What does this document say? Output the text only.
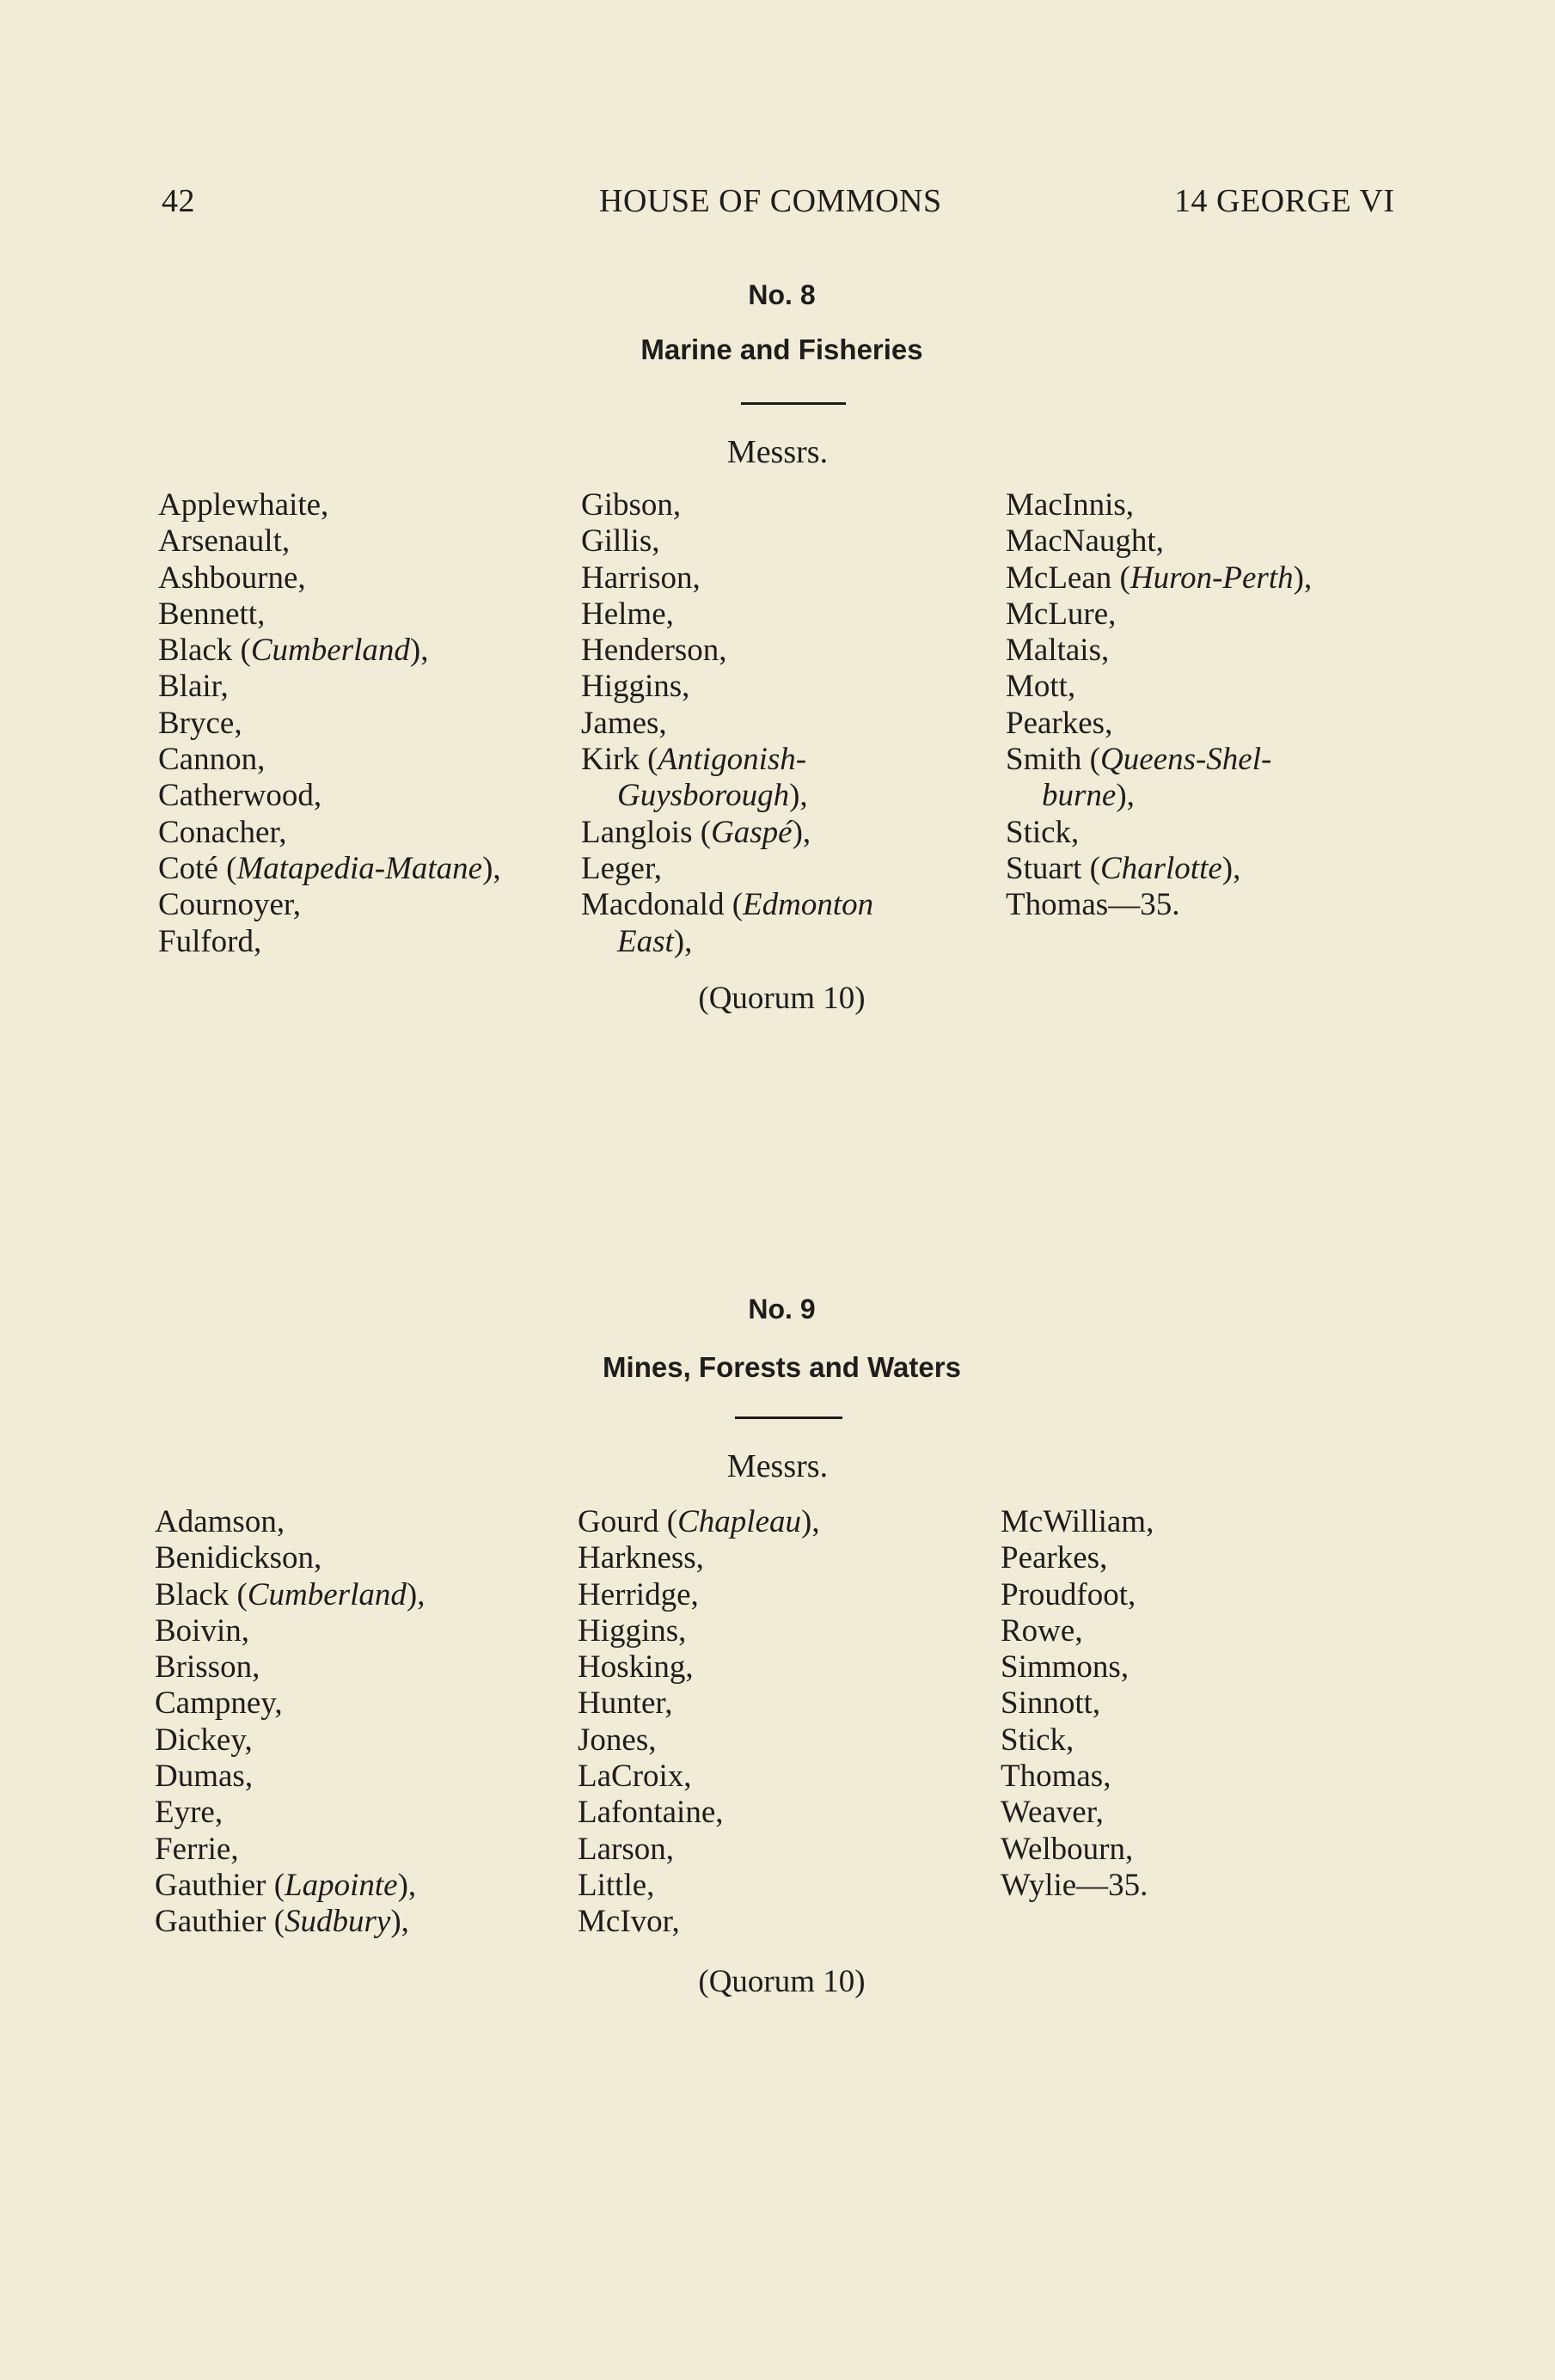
42	HOUSE OF COMMONS	14 GEORGE VI
No. 8
Marine and Fisheries
Messrs.
Applewhaite,
Arsenault,
Ashbourne,
Bennett,
Black (Cumberland),
Blair,
Bryce,
Cannon,
Catherwood,
Conacher,
Coté (Matapedia-Matane),
Cournoyer,
Fulford,
Gibson,
Gillis,
Harrison,
Helme,
Henderson,
Higgins,
James,
Kirk (Antigonish-
Guysborough),
Langlois (Gaspé),
Leger,
Macdonald (Edmonton
East),
MacInnis,
MacNaught,
McLean (Huron-Perth),
McLure,
Maltais,
Mott,
Pearkes,
Smith (Queens-Shel-
burne),
Stick,
Stuart (Charlotte),
Thomas—35.
(Quorum 10)
No. 9
Mines, Forests and Waters
Messrs.
Adamson,
Benidickson,
Black (Cumberland),
Boivin,
Brisson,
Campney,
Dickey,
Dumas,
Eyre,
Ferrie,
Gauthier (Lapointe),
Gauthier (Sudbury),
Gourd (Chapleau),
Harkness,
Herridge,
Higgins,
Hosking,
Hunter,
Jones,
LaCroix,
Lafontaine,
Larson,
Little,
McIvor,
McWilliam,
Pearkes,
Proudfoot,
Rowe,
Simmons,
Sinnott,
Stick,
Thomas,
Weaver,
Welbourn,
Wylie—35.
(Quorum 10)
